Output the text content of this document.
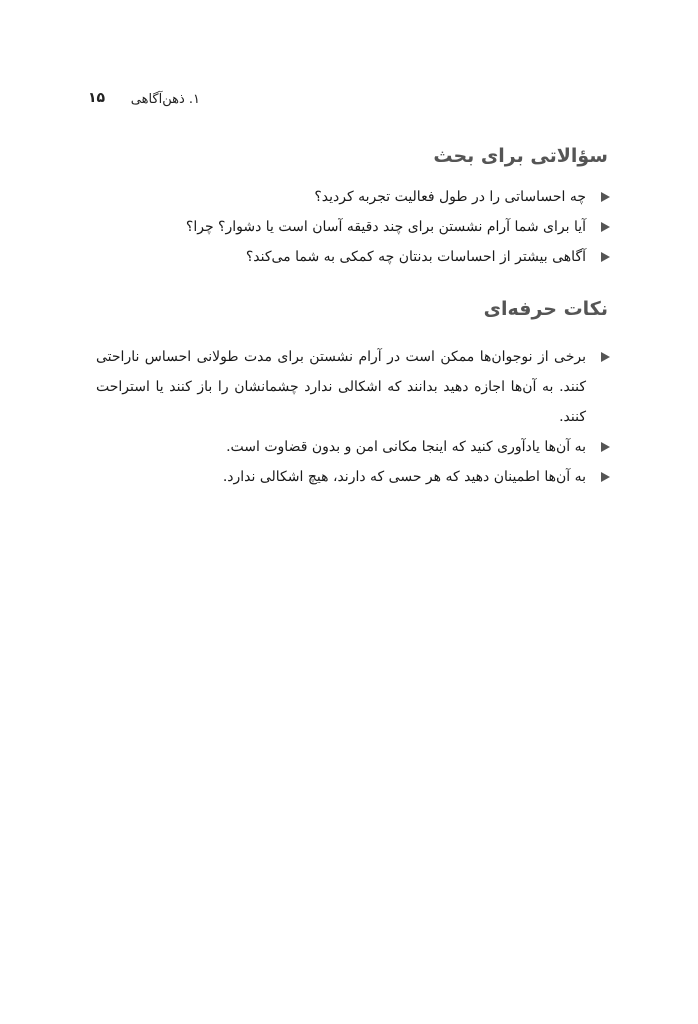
۱. ذهن‌آگاهی
۱۵
سؤالاتی برای بحث
چه احساساتی را در طول فعالیت تجربه کردید؟
آیا برای شما آرام نشستن برای چند دقیقه آسان است یا دشوار؟ چرا؟
آگاهی بیشتر از احساسات بدنتان چه کمکی به شما می‌کند؟
نکات حرفه‌ای
برخی از نوجوان‌ها ممکن است در آرام نشستن برای مدت طولانی احساس ناراحتی کنند. به آن‌ها اجازه دهید بدانند که اشکالی ندارد چشمانشان را باز کنند یا استراحت کنند.
به آن‌ها یادآوری کنید که اینجا مکانی امن و بدون قضاوت است.
به آن‌ها اطمینان دهید که هر حسی که دارند، هیچ اشکالی ندارد.
